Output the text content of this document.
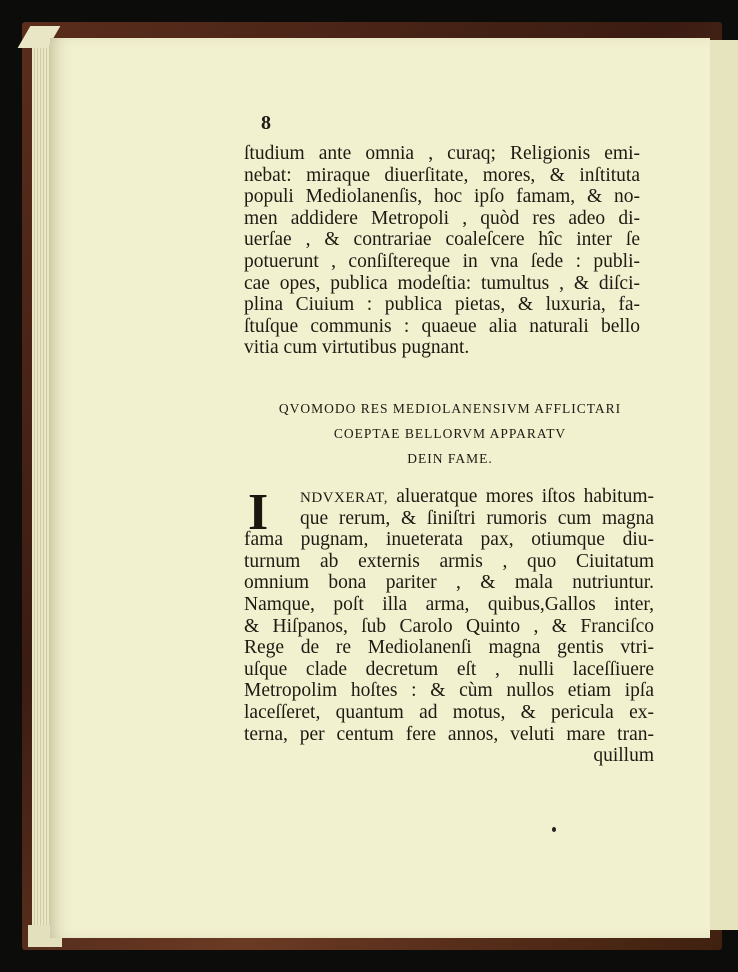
8
ſtudium ante omnia , curaq; Religionis emi-
nebat: miraque diuerſitate, mores, & inſtituta
populi Mediolanenſis, hoc ipſo famam, & no-
men addidere Metropoli , quòd res adeo di-
uerſae , & contrariae coaleſcere hîc inter ſe
potuerunt , conſiſtereque in vna ſede : publi-
cae opes, publica modeſtia: tumultus , & diſci-
plina Ciuium : publica pietas, & luxuria, fa-
ſtuſque communis : quaeue alia naturali bello
vitia cum virtutibus pugnant.
QVOMODO RES MEDIOLANENSIVM AFFLICTARI
COEPTAE BELLORVM APPARATV
DEIN FAME.
I	NDVXERAT, alueratque mores iſtos habitum-
que rerum, & ſiniſtri rumoris cum magna
fama pugnam, inueterata pax, otiumque diu-
turnum ab externis armis , quo Ciuitatum
omnium bona pariter , & mala nutriuntur.
Namque, poſt illa arma, quibus,Gallos inter,
& Hiſpanos, ſub Carolo Quinto , & Franciſco
Rege de re Mediolanenſi magna gentis vtri-
uſque clade decretum eſt , nulli laceſſiuere
Metropolim hoſtes : & cùm nullos etiam ipſa
laceſſeret, quantum ad motus, & pericula ex-
terna, per centum fere annos, veluti mare tran-
quillum
